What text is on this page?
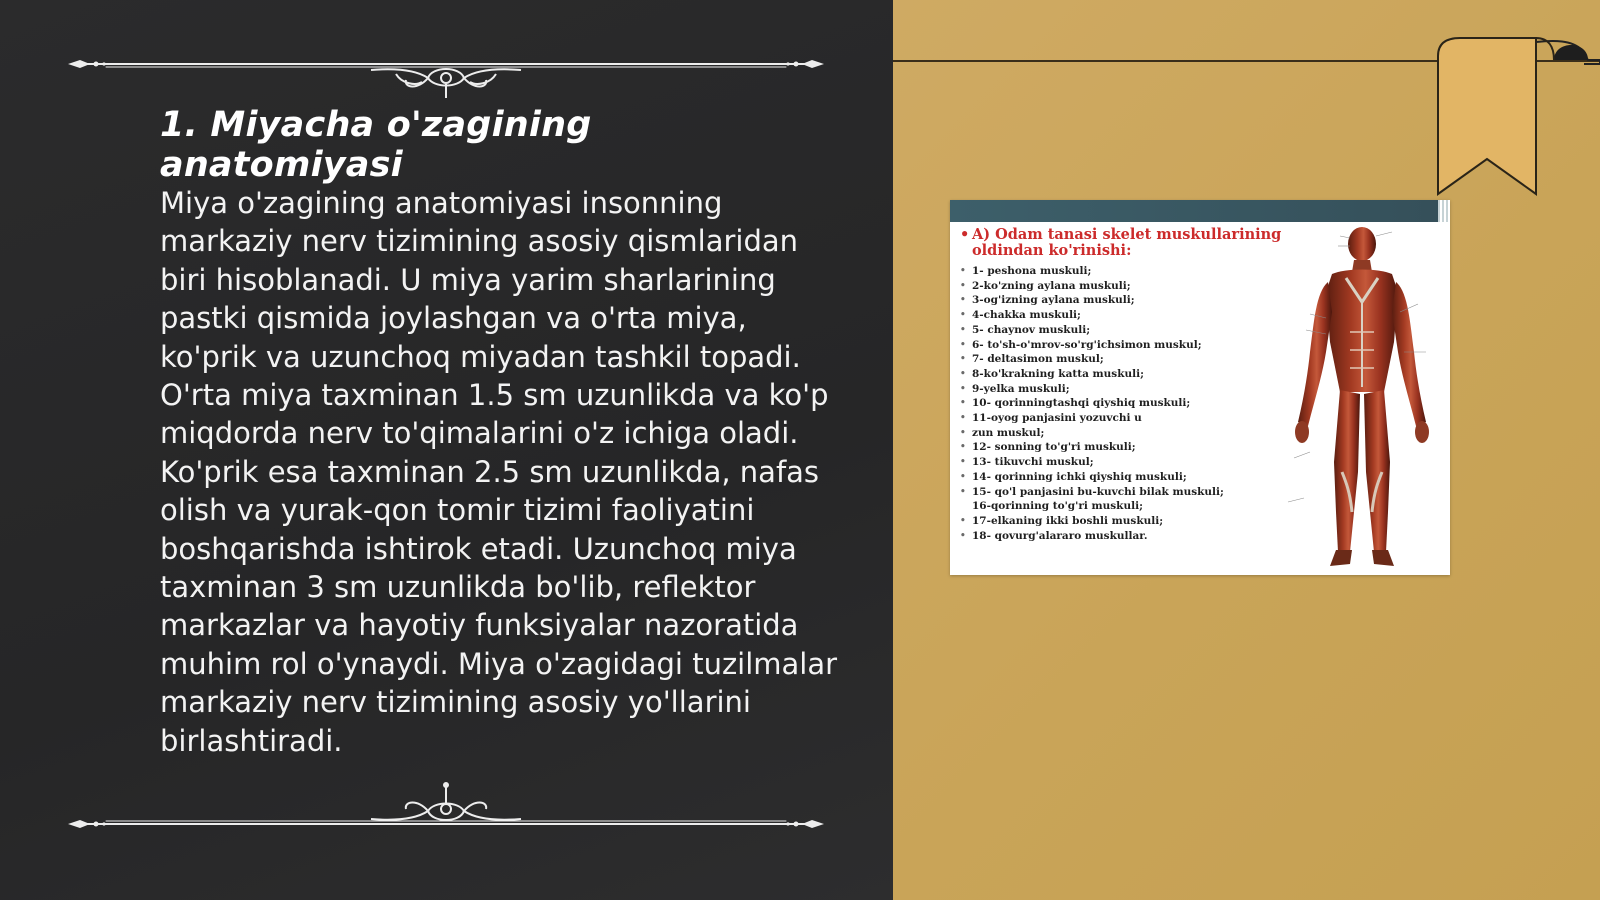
1. Miyacha o'zagining anatomiyasi

Miya o'zagining anatomiyasi insonning markaziy nerv tizimining asosiy qismlaridan biri hisoblanadi. U miya yarim sharlarining pastki qismida joylashgan va o'rta miya, ko'prik va uzunchoq miyadan tashkil topadi. O'rta miya taxminan 1.5 sm uzunlikda va ko'p miqdorda nerv to'qimalarini o'z ichiga oladi. Ko'prik esa taxminan 2.5 sm uzunlikda, nafas olish va yurak-qon tomir tizimi faoliyatini boshqarishda ishtirok etadi. Uzunchoq miya taxminan 3 sm uzunlikda bo'lib, reflektor markazlar va hayotiy funksiyalar nazoratida muhim rol o'ynaydi. Miya o'zagidagi tuzilmalar markaziy nerv tizimining asosiy yo'llarini birlashtiradi.

• A) Odam tanasi skelet muskullarining oldindan ko'rinishi:
• 1- peshona muskuli;
• 2-ko'zning aylana muskuli;
• 3-og'izning aylana muskuli;
• 4-chakka muskuli;
• 5- chaynov muskuli;
• 6- to'sh-o'mrov-so'rg'ichsimon muskul;
• 7- deltasimon muskul;
• 8-ko'krakning katta muskuli;
• 9-yelka muskuli;
• 10- qorinningtashqi qiyshiq muskuli;
• 11-oyog panjasini yozuvchi u
• zun muskul;
• 12- sonning to'g'ri muskuli;
• 13- tikuvchi muskul;
• 14- qorinning ichki qiyshiq muskuli;
• 15- qo'l panjasini bu-kuvchi bilak muskuli;
16-qorinning to'g'ri muskuli;
• 17-elkaning ikki boshli muskuli;
• 18- qovurg'alararo muskullar.
